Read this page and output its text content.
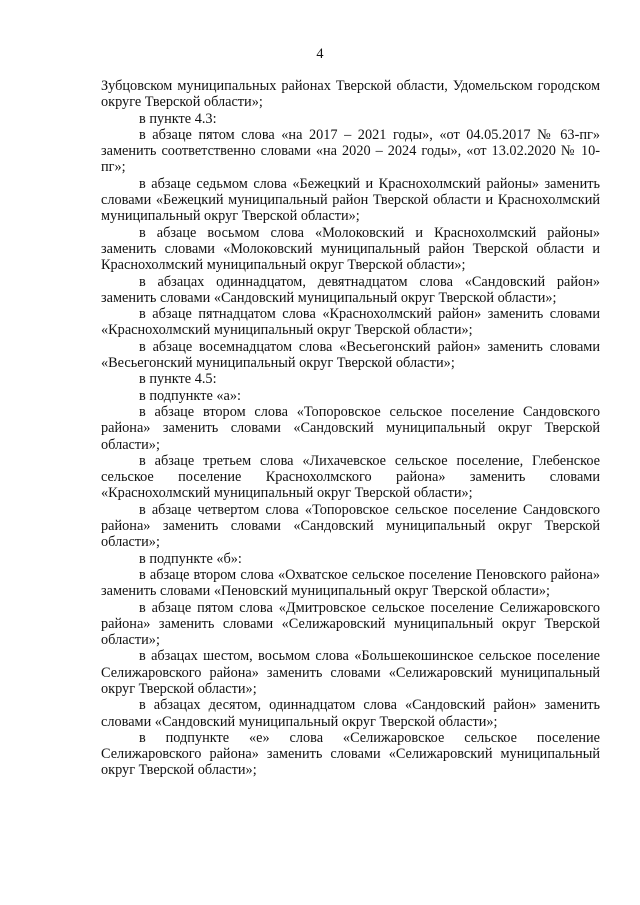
4

Зубцовском муниципальных районах Тверской области, Удомельском городском округе Тверской области»;

в пункте 4.3:

в абзаце пятом слова «на 2017 – 2021 годы», «от 04.05.2017 № 63-пг» заменить соответственно словами «на 2020 – 2024 годы», «от 13.02.2020 № 10-пг»;

в абзаце седьмом слова «Бежецкий и Краснохолмский районы» заменить словами «Бежецкий муниципальный район Тверской области и Краснохолмский муниципальный округ Тверской области»;

в абзаце восьмом слова «Молоковский и Краснохолмский районы» заменить словами «Молоковский муниципальный район Тверской области и Краснохолмский муниципальный округ Тверской области»;

в абзацах одиннадцатом, девятнадцатом слова «Сандовский район» заменить словами «Сандовский муниципальный округ Тверской области»;

в абзаце пятнадцатом слова «Краснохолмский район» заменить словами «Краснохолмский муниципальный округ Тверской области»;

в абзаце восемнадцатом слова «Весьегонский район» заменить словами «Весьегонский муниципальный округ Тверской области»;

в пункте 4.5:

в подпункте «а»:

в абзаце втором слова «Топоровское сельское поселение Сандовского района» заменить словами «Сандовский муниципальный округ Тверской области»;

в абзаце третьем слова «Лихачевское сельское поселение, Глебенское сельское поселение Краснохолмского района» заменить словами «Краснохолмский муниципальный округ Тверской области»;

в абзаце четвертом слова «Топоровское сельское поселение Сандовского района» заменить словами «Сандовский муниципальный округ Тверской области»;

в подпункте «б»:

в абзаце втором слова «Охватское сельское поселение Пеновского района» заменить словами «Пеновский муниципальный округ Тверской области»;

в абзаце пятом слова «Дмитровское сельское поселение Селижаровского района» заменить словами «Селижаровский муниципальный округ Тверской области»;

в абзацах шестом, восьмом слова «Большекошинское сельское поселение Селижаровского района» заменить словами «Селижаровский муниципальный округ Тверской области»;

в абзацах десятом, одиннадцатом слова «Сандовский район» заменить словами «Сандовский муниципальный округ Тверской области»;

в подпункте «е» слова «Селижаровское сельское поселение Селижаровского района» заменить словами «Селижаровский муниципальный округ Тверской области»;
